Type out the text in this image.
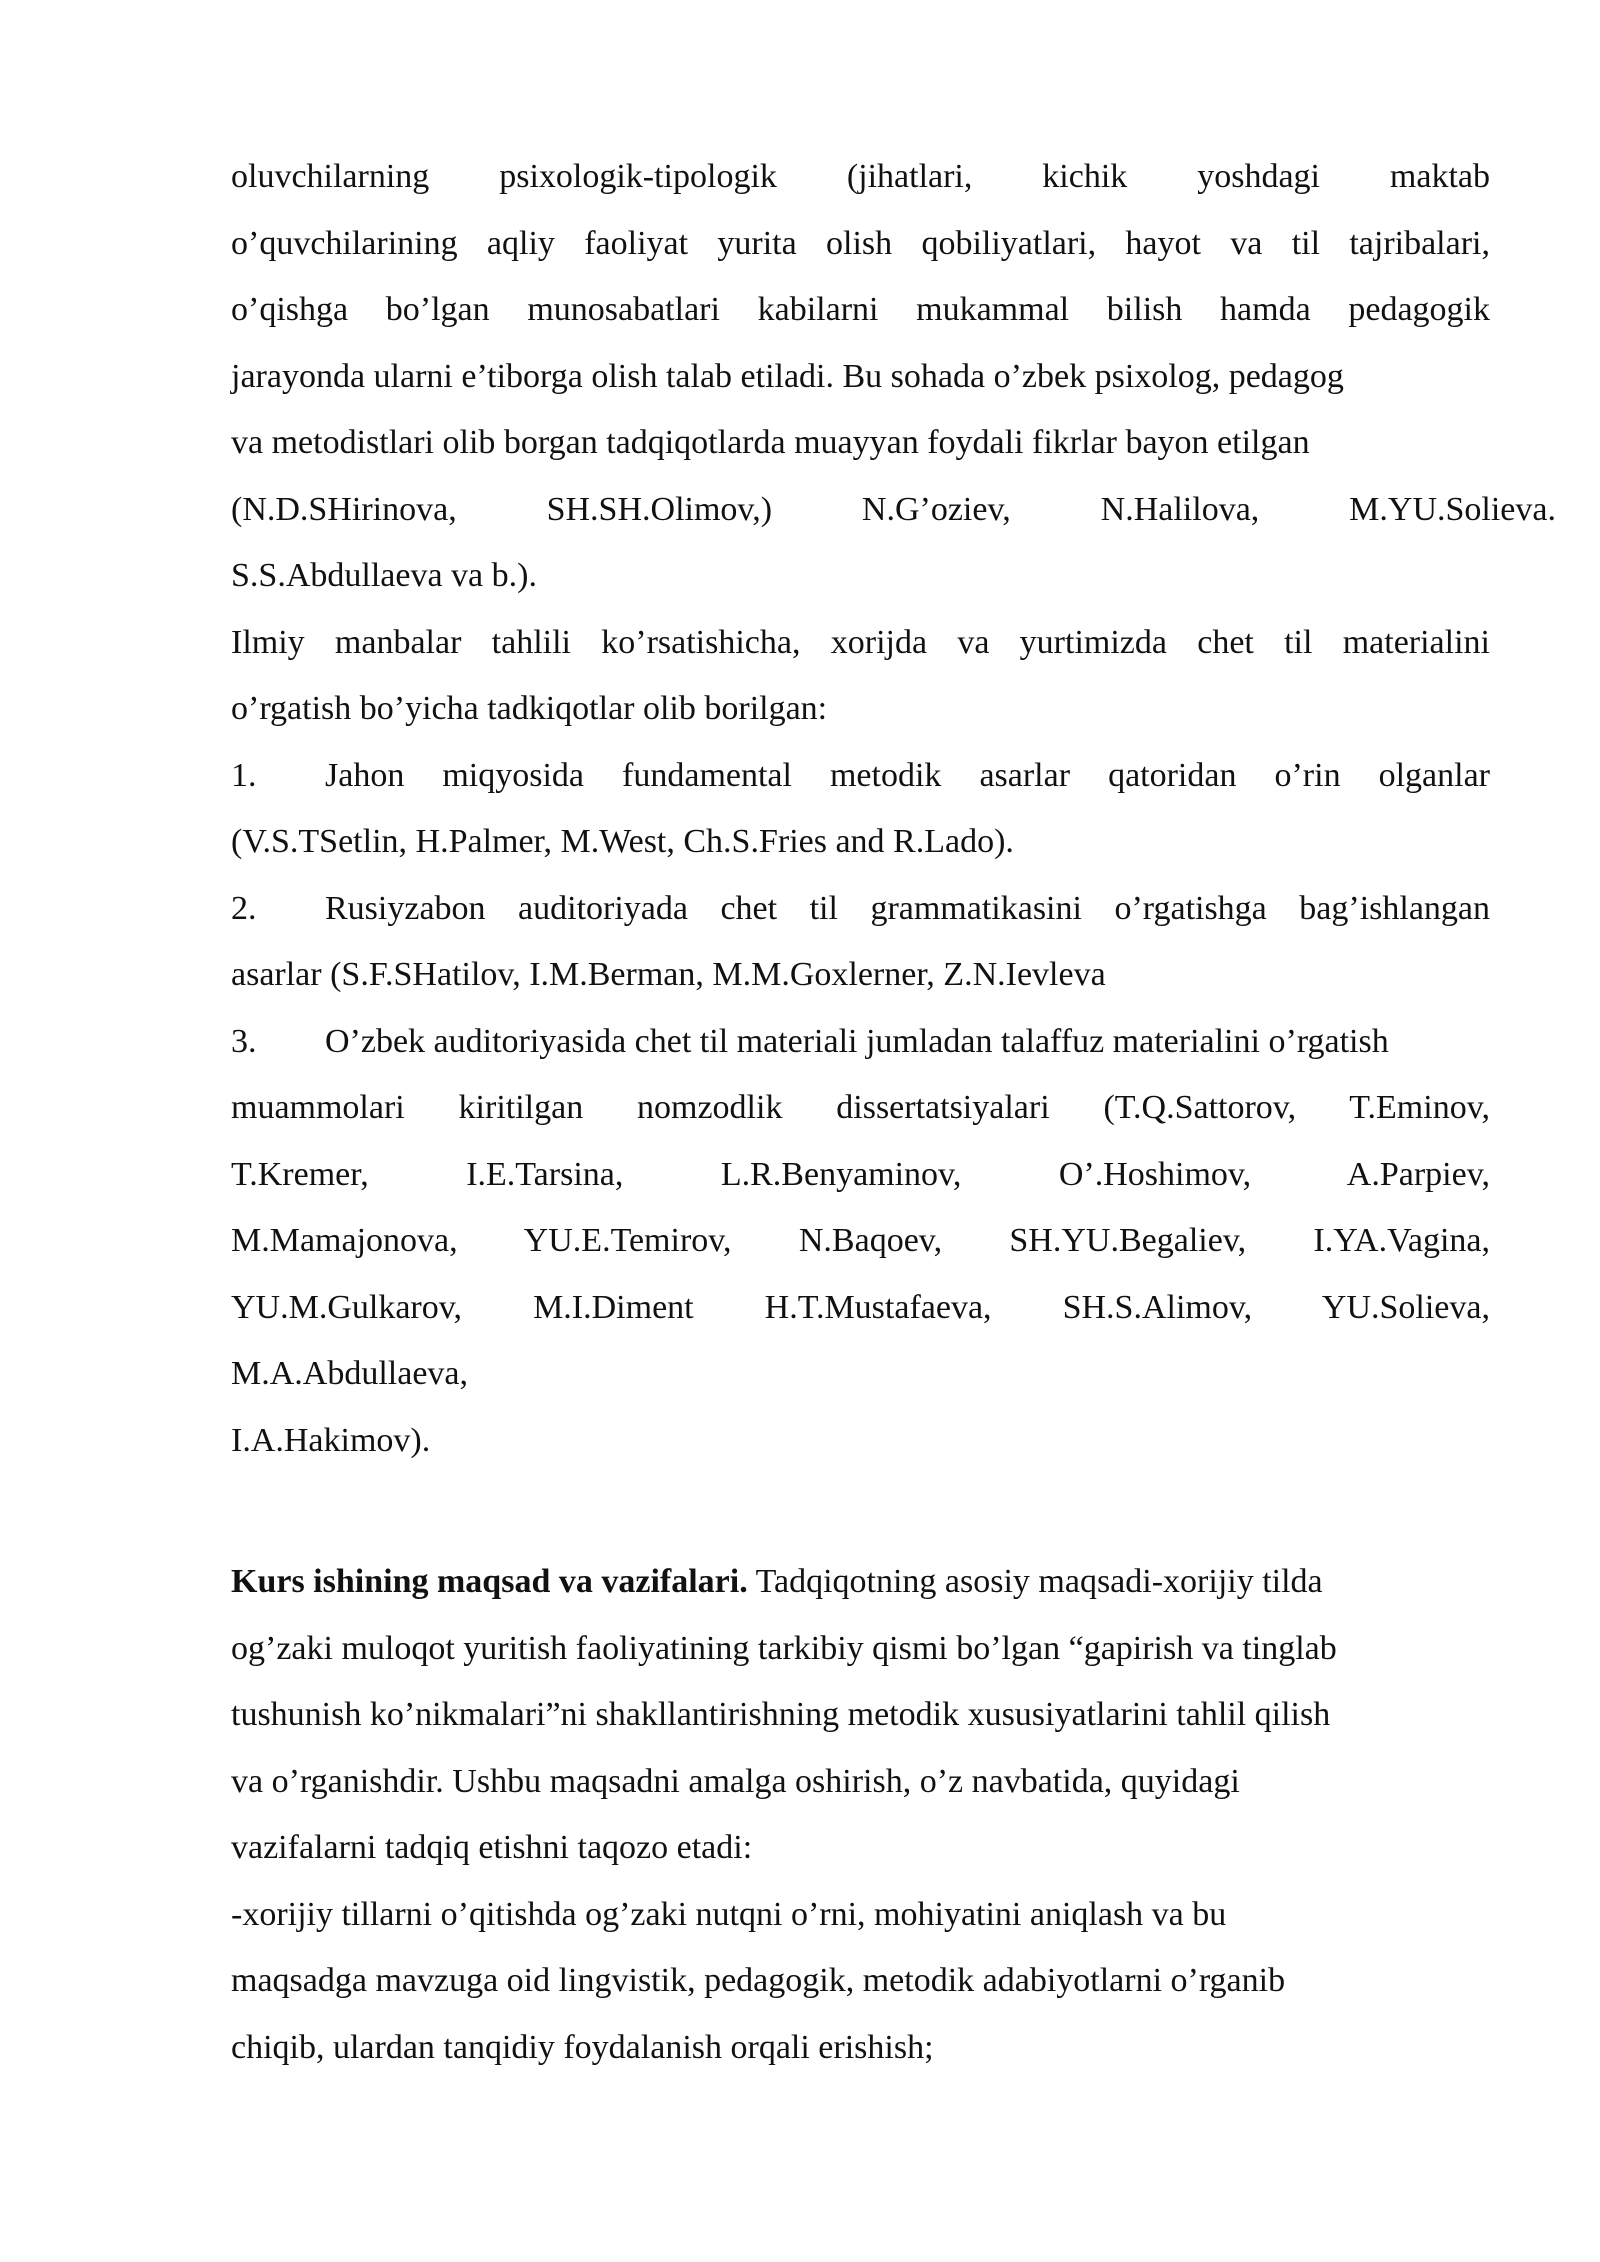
oluvchilarning psixologik-tipologik (jihatlari, kichik yoshdagi maktab
o’quvchilarining aqliy faoliyat yurita olish qobiliyatlari, hayot va til tajribalari,
o’qishga bo’lgan munosabatlari kabilarni mukammal bilish hamda pedagogik
jarayonda ularni e’tiborga olish talab etiladi. Bu sohada o’zbek psixolog, pedagog
va metodistlari olib borgan tadqiqotlarda muayyan foydali fikrlar bayon etilgan
(N.D.SHirinova, SH.SH.Olimov,) N.G’oziev, N.Halilova, M.YU.Solieva.
S.S.Abdullaeva va b.).
Ilmiy manbalar tahlili ko’rsatishicha, xorijda va yurtimizda chet til materialini
o’rgatish bo’yicha tadkiqotlar olib borilgan:
1. Jahon miqyosida fundamental metodik asarlar qatoridan o’rin olganlar
(V.S.TSetlin, H.Palmer, M.West, Ch.S.Fries and R.Lado).
2. Rusiyzabon auditoriyada chet til grammatikasini o’rgatishga bag’ishlangan
asarlar (S.F.SHatilov, I.M.Berman, M.M.Goxlerner, Z.N.Ievleva
3. O’zbek auditoriyasida chet til materiali jumladan talaffuz materialini o’rgatish
muammolari kiritilgan nomzodlik dissertatsiyalari (T.Q.Sattorov, T.Eminov,
T.Kremer, I.E.Tarsina, L.R.Benyaminov, O’.Hoshimov, A.Parpiev,
M.Mamajonova, YU.E.Temirov, N.Baqoev, SH.YU.Begaliev, I.YA.Vagina,
YU.M.Gulkarov, M.I.Diment H.T.Mustafaeva, SH.S.Alimov, YU.Solieva,
M.A.Abdullaeva,
I.A.Hakimov).
Kurs ishining maqsad va vazifalari. Tadqiqotning asosiy maqsadi-xorijiy tilda
og’zaki muloqot yuritish faoliyatining tarkibiy qismi bo’lgan “gapirish va tinglab
tushunish ko’nikmalari”ni shakllantirishning metodik xususiyatlarini tahlil qilish
va o’rganishdir. Ushbu maqsadni amalga oshirish, o’z navbatida, quyidagi
vazifalarni tadqiq etishni taqozo etadi:
-xorijiy tillarni o’qitishda og’zaki nutqni o’rni, mohiyatini aniqlash va bu
maqsadga mavzuga oid lingvistik, pedagogik, metodik adabiyotlarni o’rganib
chiqib, ulardan tanqidiy foydalanish orqali erishish;
